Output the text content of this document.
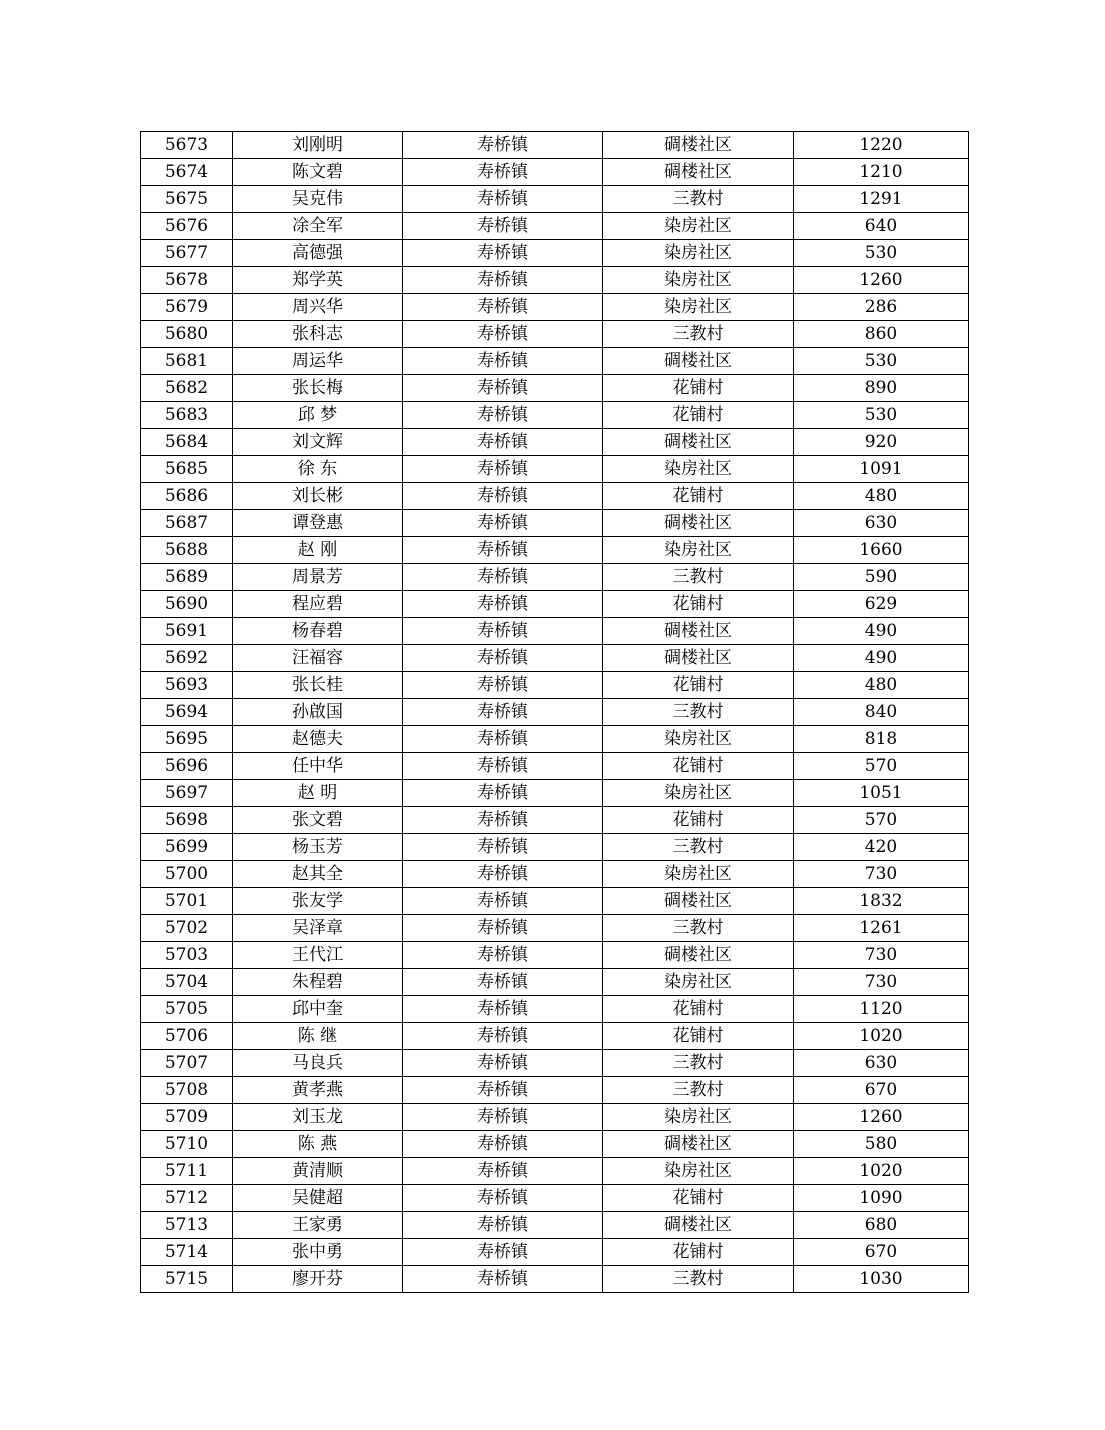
5673	刘刚明	寿桥镇	碉楼社区	1220
5674	陈文碧	寿桥镇	碉楼社区	1210
5675	吴克伟	寿桥镇	三教村	1291
5676	凃全军	寿桥镇	染房社区	640
5677	高德强	寿桥镇	染房社区	530
5678	郑学英	寿桥镇	染房社区	1260
5679	周兴华	寿桥镇	染房社区	286
5680	张科志	寿桥镇	三教村	860
5681	周运华	寿桥镇	碉楼社区	530
5682	张长梅	寿桥镇	花铺村	890
5683	邱 梦	寿桥镇	花铺村	530
5684	刘文辉	寿桥镇	碉楼社区	920
5685	徐 东	寿桥镇	染房社区	1091
5686	刘长彬	寿桥镇	花铺村	480
5687	谭登惠	寿桥镇	碉楼社区	630
5688	赵 刚	寿桥镇	染房社区	1660
5689	周景芳	寿桥镇	三教村	590
5690	程应碧	寿桥镇	花铺村	629
5691	杨春碧	寿桥镇	碉楼社区	490
5692	汪福容	寿桥镇	碉楼社区	490
5693	张长桂	寿桥镇	花铺村	480
5694	孙啟国	寿桥镇	三教村	840
5695	赵德夫	寿桥镇	染房社区	818
5696	任中华	寿桥镇	花铺村	570
5697	赵 明	寿桥镇	染房社区	1051
5698	张文碧	寿桥镇	花铺村	570
5699	杨玉芳	寿桥镇	三教村	420
5700	赵其全	寿桥镇	染房社区	730
5701	张友学	寿桥镇	碉楼社区	1832
5702	吴泽章	寿桥镇	三教村	1261
5703	王代江	寿桥镇	碉楼社区	730
5704	朱程碧	寿桥镇	染房社区	730
5705	邱中奎	寿桥镇	花铺村	1120
5706	陈 继	寿桥镇	花铺村	1020
5707	马良兵	寿桥镇	三教村	630
5708	黄孝燕	寿桥镇	三教村	670
5709	刘玉龙	寿桥镇	染房社区	1260
5710	陈 燕	寿桥镇	碉楼社区	580
5711	黄清顺	寿桥镇	染房社区	1020
5712	吴健超	寿桥镇	花铺村	1090
5713	王家勇	寿桥镇	碉楼社区	680
5714	张中勇	寿桥镇	花铺村	670
5715	廖开芬	寿桥镇	三教村	1030
